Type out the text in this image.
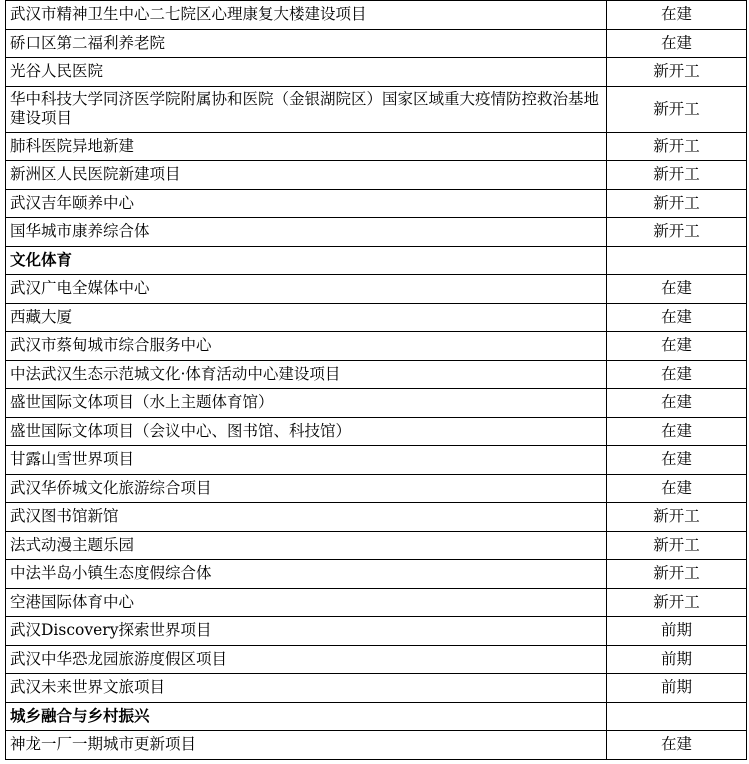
武汉市精神卫生中心二七院区心理康复大楼建设项目	在建
硚口区第二福利养老院	在建
光谷人民医院	新开工
华中科技大学同济医学院附属协和医院（金银湖院区）国家区域重大疫情防控救治基地建设项目	新开工
肺科医院异地新建	新开工
新洲区人民医院新建项目	新开工
武汉吉年颐养中心	新开工
国华城市康养综合体	新开工
文化体育	
武汉广电全媒体中心	在建
西藏大厦	在建
武汉市蔡甸城市综合服务中心	在建
中法武汉生态示范城文化·体育活动中心建设项目	在建
盛世国际文体项目（水上主题体育馆）	在建
盛世国际文体项目（会议中心、图书馆、科技馆）	在建
甘露山雪世界项目	在建
武汉华侨城文化旅游综合项目	在建
武汉图书馆新馆	新开工
法式动漫主题乐园	新开工
中法半岛小镇生态度假综合体	新开工
空港国际体育中心	新开工
武汉Discovery探索世界项目	前期
武汉中华恐龙园旅游度假区项目	前期
武汉未来世界文旅项目	前期
城乡融合与乡村振兴	
神龙一厂一期城市更新项目	在建
